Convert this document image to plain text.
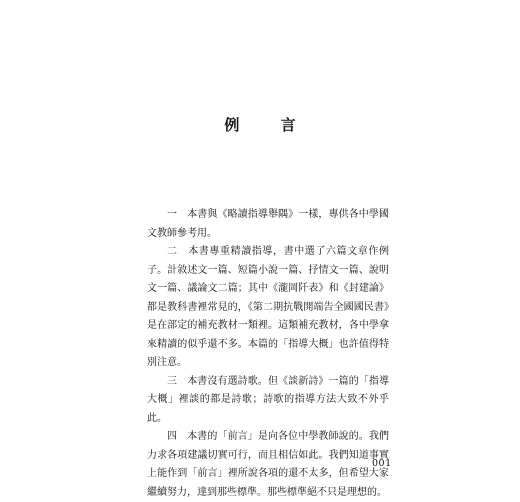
例 言

一　本書與《略讀指導舉隅》一樣，專供各中學國文教師參考用。

二　本書專重精讀指導，書中選了六篇文章作例子。計敘述文一篇、短篇小說一篇、抒情文一篇、說明文一篇、議論文二篇；其中《瀧岡阡表》和《封建論》都是教科書裡常見的，《第二期抗戰開端告全國國民書》是在部定的補充教材一類裡。這類補充教材，各中學拿來精讀的似乎還不多。本篇的「指導大概」也許值得特別注意。

三　本書沒有選詩歌。但《談新詩》一篇的「指導大概」裡談的都是詩歌；詩歌的指導方法大致不外乎此。

四　本書的「前言」是向各位中學教師說的。我們力求各項建議切實可行，而且相信如此。我們知道事實上能作到「前言」裡所說各項的還不太多，但希望大家繼續努力，達到那些標準。那些標準絕不只是理想的。

001
